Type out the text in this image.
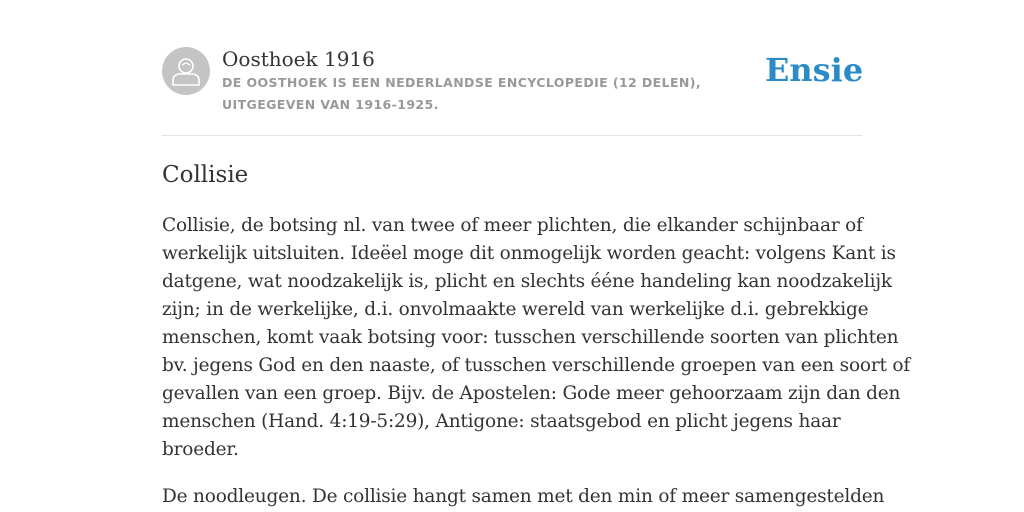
Oosthoek 1916
DE OOSTHOEK IS EEN NEDERLANDSE ENCYCLOPEDIE (12 DELEN), UITGEGEVEN VAN 1916-1925.
Ensie
Collisie

Collisie, de botsing nl. van twee of meer plichten, die elkander schijnbaar of
werkelijk uitsluiten. Ideëel moge dit onmogelijk worden geacht: volgens Kant is
datgene, wat noodzakelijk is, plicht en slechts ééne handeling kan noodzakelijk
zijn; in de werkelijke, d.i. onvolmaakte wereld van werkelijke d.i. gebrekkige
menschen, komt vaak botsing voor: tusschen verschillende soorten van plichten
bv. jegens God en den naaste, of tusschen verschillende groepen van een soort of
gevallen van een groep. Bijv. de Apostelen: Gode meer gehoorzaam zijn dan den
menschen (Hand. 4:19-5:29), Antigone: staatsgebod en plicht jegens haar
broeder.

De noodleugen. De collisie hangt samen met den min of meer samengestelden
